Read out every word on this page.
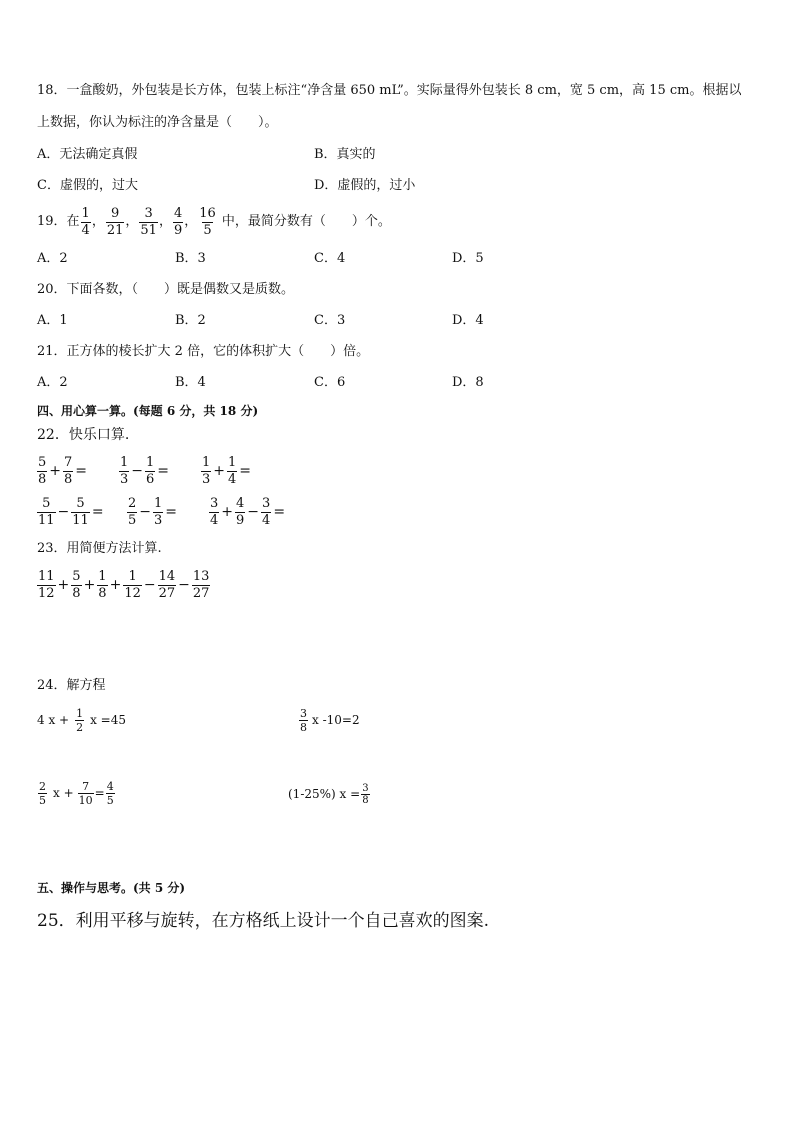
18．一盒酸奶，外包装是长方体，包装上标注“净含量 650 mL”。实际量得外包装长 8 cm，宽 5 cm，高 15 cm。根据以
上数据，你认为标注的净含量是（　　）。
A．无法确定真假	B．真实的
C．虚假的，过大	D．虚假的，过小
19．在 $\frac{1}{4}$ ， $\frac{9}{21}$ ， $\frac{3}{51}$ ， $\frac{4}{9}$ ， $\frac{16}{5}$ 中，最简分数有（　　）个。
A．2	B．3	C．4	D．5
20．下面各数，（　　）既是偶数又是质数。
A．1	B．2	C．3	D．4
21．正方体的棱长扩大 2 倍，它的体积扩大（　　）倍。
A．2	B．4	C．6	D．8
四、用心算一算。(每题 6 分，共 18 分)
22．快乐口算.
$\frac{5}{8} + \frac{7}{8} = \frac{1}{3} - \frac{1}{6} = \frac{1}{3} + \frac{1}{4}$ =
$\frac{5}{11} - \frac{5}{11} = \frac{2}{5} - \frac{1}{3} = \frac{3}{4} + \frac{4}{9} - \frac{3}{4}$ =
23．用简便方法计算.
$\frac{11}{12} + \frac{5}{8} + \frac{1}{8} + \frac{1}{12} - \frac{14}{27} - \frac{13}{27}$
24．解方程
4 $x + \frac{1}{2}$ x =45	$\frac{3}{8}$ x -10=2
$\frac{2}{5}$ $x + \frac{7}{10} = \frac{4}{5}$	(1-25%) $x = \frac{3}{8}$
五、操作与思考。(共 5 分)
25．利用平移与旋转，在方格纸上设计一个自己喜欢的图案.
